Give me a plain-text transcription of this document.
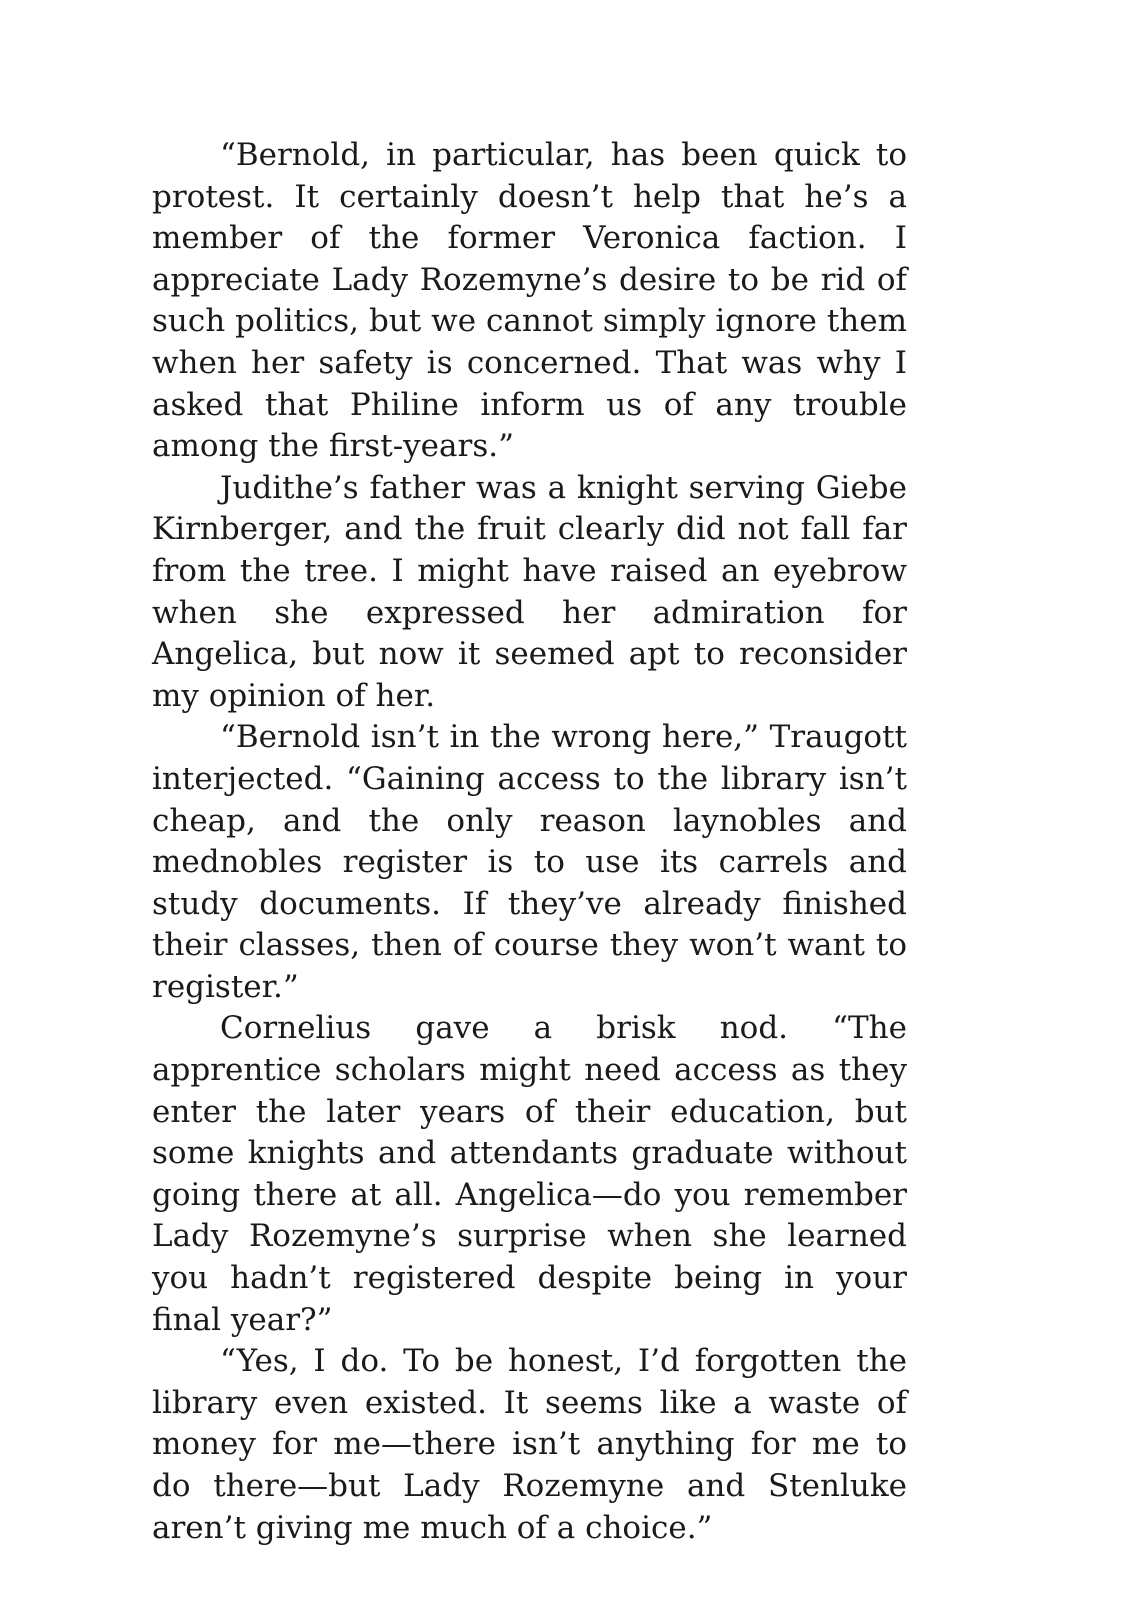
“Bernold, in particular, has been quick to protest. It certainly doesn’t help that he’s a member of the former Veronica faction. I appreciate Lady Rozemyne’s desire to be rid of such politics, but we cannot simply ignore them when her safety is concerned. That was why I asked that Philine inform us of any trouble among the first-years.”

Judithe’s father was a knight serving Giebe Kirnberger, and the fruit clearly did not fall far from the tree. I might have raised an eyebrow when she expressed her admiration for Angelica, but now it seemed apt to reconsider my opinion of her.

“Bernold isn’t in the wrong here,” Traugott interjected. “Gaining access to the library isn’t cheap, and the only reason laynobles and mednobles register is to use its carrels and study documents. If they’ve already finished their classes, then of course they won’t want to register.”

Cornelius gave a brisk nod. “The apprentice scholars might need access as they enter the later years of their education, but some knights and attendants graduate without going there at all. Angelica—do you remember Lady Rozemyne’s surprise when she learned you hadn’t registered despite being in your final year?”

“Yes, I do. To be honest, I’d forgotten the library even existed. It seems like a waste of money for me—there isn’t anything for me to do there—but Lady Rozemyne and Stenluke aren’t giving me much of a choice.”
